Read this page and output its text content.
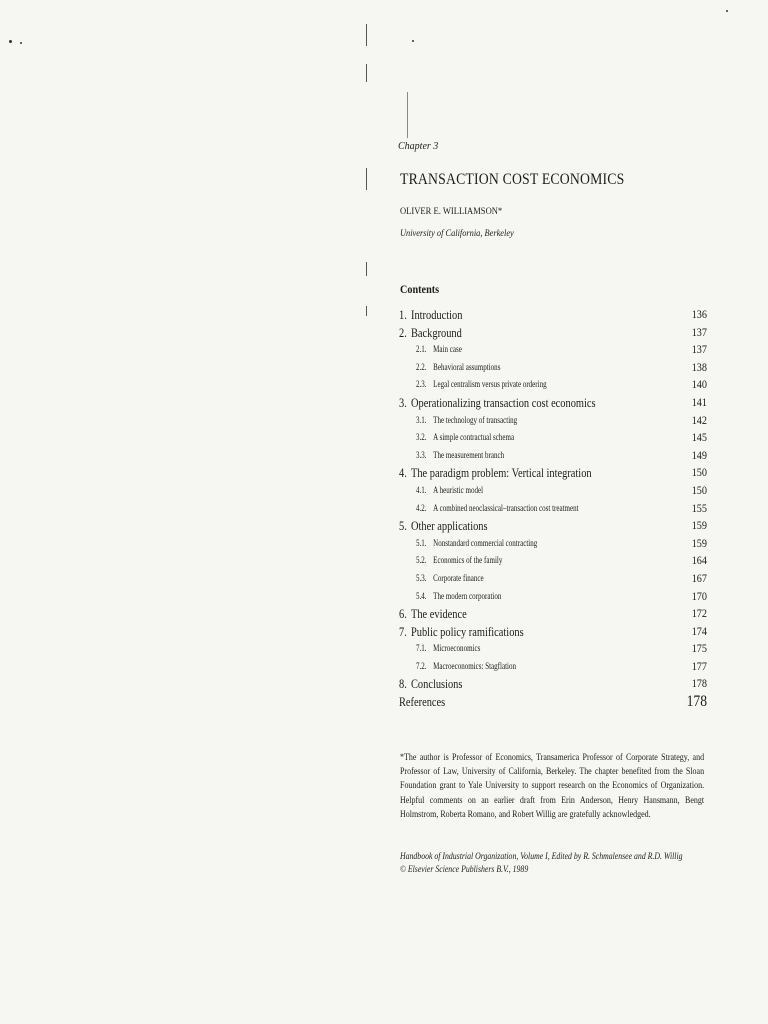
Chapter 3
TRANSACTION COST ECONOMICS
OLIVER E. WILLIAMSON*
University of California, Berkeley
Contents
1. Introduction	136
2. Background	137
2.1. Main case	137
2.2. Behavioral assumptions	138
2.3. Legal centralism versus private ordering	140
3. Operationalizing transaction cost economics	141
3.1. The technology of transacting	142
3.2. A simple contractual schema	145
3.3. The measurement branch	149
4. The paradigm problem: Vertical integration	150
4.1. A heuristic model	150
4.2. A combined neoclassical–transaction cost treatment	155
5. Other applications	159
5.1. Nonstandard commercial contracting	159
5.2. Economics of the family	164
5.3. Corporate finance	167
5.4. The modern corporation	170
6. The evidence	172
7. Public policy ramifications	174
7.1. Microeconomics	175
7.2. Macroeconomics: Stagflation	177
8. Conclusions	178
References	178
*The author is Professor of Economics, Transamerica Professor of Corporate Strategy, and Professor of Law, University of California, Berkeley. The chapter benefited from the Sloan Foundation grant to Yale University to support research on the Economics of Organization. Helpful comments on an earlier draft from Erin Anderson, Henry Hansmann, Bengt Holmstrom, Roberta Romano, and Robert Willig are gratefully acknowledged.
Handbook of Industrial Organization, Volume I, Edited by R. Schmalensee and R.D. Willig
© Elsevier Science Publishers B.V., 1989
